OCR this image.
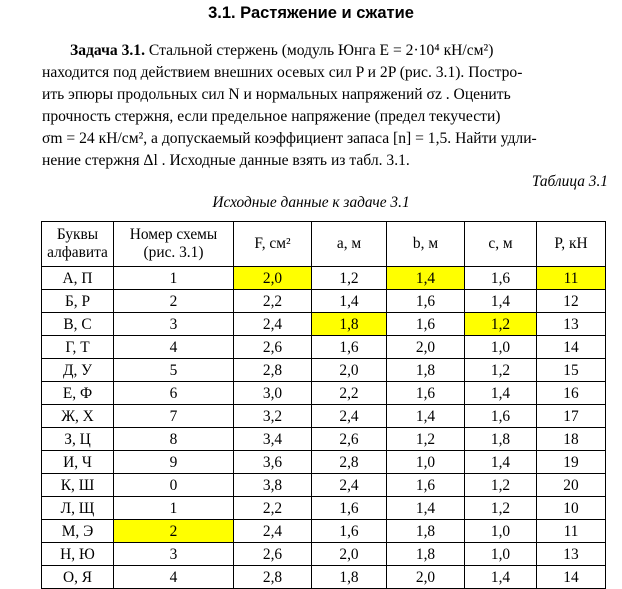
3.1. Растяжение и сжатие
Задача 3.1. Стальной стержень (модуль Юнга E = 2·10⁴ кН/см²)
находится под действием внешних осевых сил P и 2P (рис. 3.1). Постро-
ить эпюры продольных сил N и нормальных напряжений σz . Оценить
прочность стержня, если предельное напряжение (предел текучести)
σm = 24 кН/см², а допускаемый коэффициент запаса [n] = 1,5. Найти удли-
нение стержня Δl . Исходные данные взять из табл. 3.1.
Таблица 3.1
Исходные данные к задаче 3.1
Буквы алфавита	Номер схемы (рис. 3.1)	F, см²	a, м	b, м	c, м	P, кН
А, П	1	2,0	1,2	1,4	1,6	11
Б, Р	2	2,2	1,4	1,6	1,4	12
В, С	3	2,4	1,8	1,6	1,2	13
Г, Т	4	2,6	1,6	2,0	1,0	14
Д, У	5	2,8	2,0	1,8	1,2	15
Е, Ф	6	3,0	2,2	1,6	1,4	16
Ж, Х	7	3,2	2,4	1,4	1,6	17
З, Ц	8	3,4	2,6	1,2	1,8	18
И, Ч	9	3,6	2,8	1,0	1,4	19
К, Ш	0	3,8	2,4	1,6	1,2	20
Л, Щ	1	2,2	1,6	1,4	1,2	10
М, Э	2	2,4	1,6	1,8	1,0	11
Н, Ю	3	2,6	2,0	1,8	1,0	13
О, Я	4	2,8	1,8	2,0	1,4	14
